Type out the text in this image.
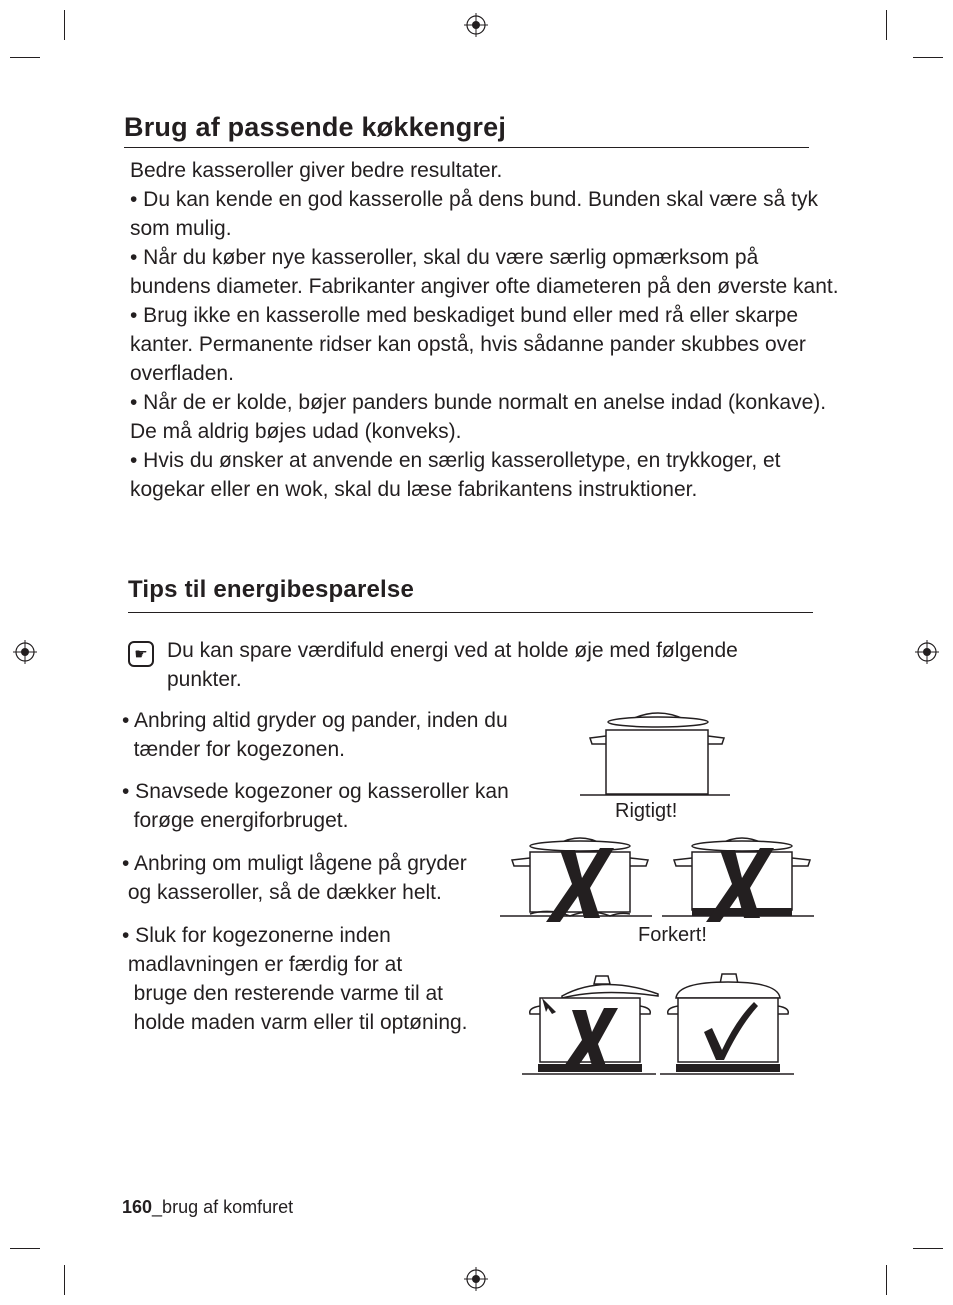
Brug af passende køkkengrej

Bedre kasseroller giver bedre resultater.

• Du kan kende en god kasserolle på dens bund. Bunden skal være så tyk som mulig.

• Når du køber nye kasseroller, skal du være særlig opmærksom på bundens diameter. Fabrikanter angiver ofte diameteren på den øverste kant.

• Brug ikke en kasserolle med beskadiget bund eller med rå eller skarpe kanter. Permanente ridser kan opstå, hvis sådanne pander skubbes over overfladen.

• Når de er kolde, bøjer panders bunde normalt en anelse indad (konkave). De må aldrig bøjes udad (konveks).

• Hvis du ønsker at anvende en særlig kasserolletype, en trykkoger, et kogekar eller en wok, skal du læse fabrikantens instruktioner.

Tips til energibesparelse
☛ Du kan spare værdifuld energi ved at holde øje med følgende punkter.
• Anbring altid gryder og pander, inden du
tænder for kogezonen.
• Snavsede kogezoner og kasseroller kan
forøge energiforbruget.
• Anbring om muligt lågene på gryder
og kasseroller, så de dækker helt.
• Sluk for kogezonerne inden
madlavningen er færdig for at
bruge den resterende varme til at
holde maden varm eller til optøning.
Rigtigt!
Forkert!
160_brug af komfuret
